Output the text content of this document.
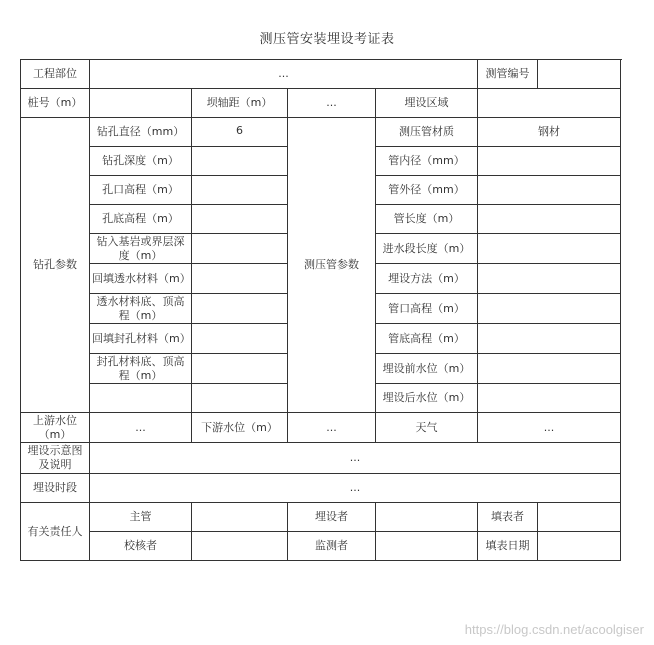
测压管安装埋设考证表
工程部位	...				测管编号	
桩号（m）		坝轴距（m）	...	埋设区域		
钻孔参数	钻孔直径（mm）	6	测压管参数	测压管材质	钢材	
	钻孔深度（m）			管内径（mm）		
	孔口高程（m）			管外径（mm）		
	孔底高程（m）			管长度（m）		
	钻入基岩或界层深度（m）			进水段长度（m）		
	回填透水材料（m）			埋设方法（m）		
	透水材料底、顶高程（m）			管口高程（m）		
	回填封孔材料（m）			管底高程（m）		
	封孔材料底、顶高程（m）			埋设前水位（m）		
				埋设后水位（m）		
上游水位（m）	...	下游水位（m）	...	天气	...	
埋设示意图及说明	...					
埋设时段	...					
有关责任人	主管		埋设者		填表者	
	校核者		监测者		填表日期	
https://blog.csdn.net/acoolgiser
